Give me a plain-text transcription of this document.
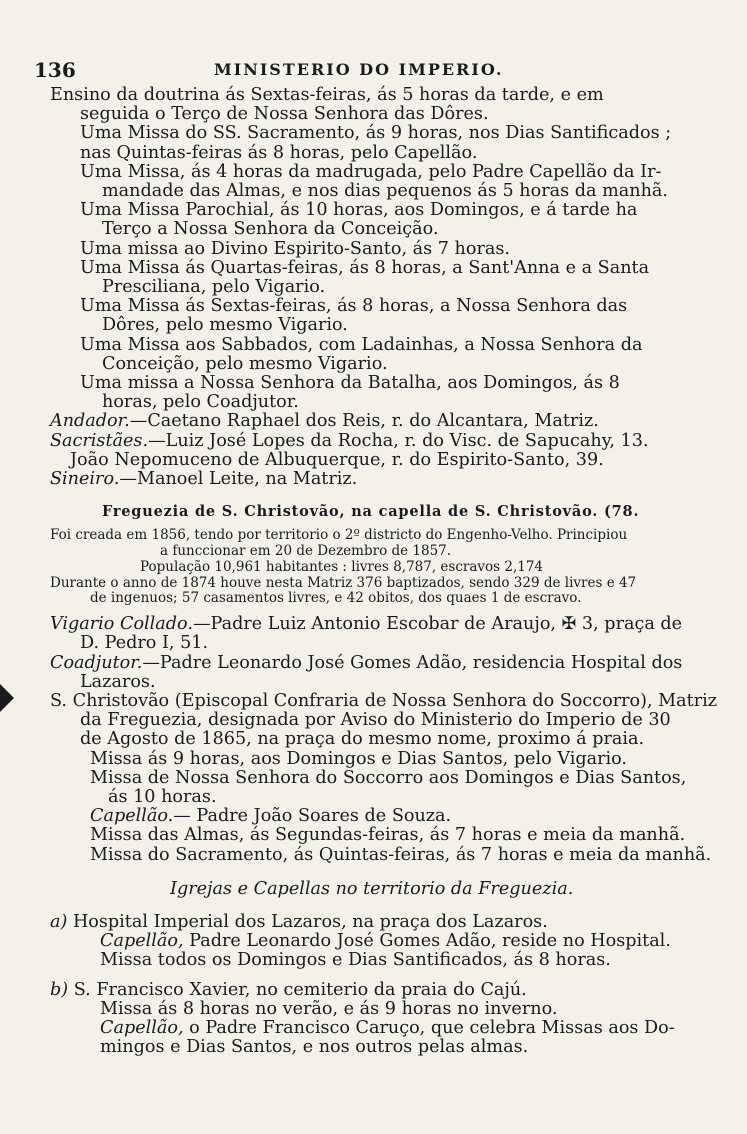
136	MINISTERIO DO IMPERIO.

Ensino da doutrina ás Sextas-feiras, ás 5 horas da tarde, e em

seguida o Terço de Nossa Senhora das Dôres.

Uma Missa do SS. Sacramento, ás 9 horas, nos Dias Santificados ;

nas Quintas-feiras ás 8 horas, pelo Capellão.

Uma Missa, ás 4 horas da madrugada, pelo Padre Capellão da Ir-

mandade das Almas, e nos dias pequenos ás 5 horas da manhã.

Uma Missa Parochial, ás 10 horas, aos Domingos, e á tarde ha

Terço a Nossa Senhora da Conceição.

Uma missa ao Divino Espirito-Santo, ás 7 horas.

Uma Missa ás Quartas-feiras, ás 8 horas, a Sant'Anna e a Santa

Presciliana, pelo Vigario.

Uma Missa ás Sextas-feiras, ás 8 horas, a Nossa Senhora das

Dôres, pelo mesmo Vigario.

Uma Missa aos Sabbados, com Ladainhas, a Nossa Senhora da

Conceição, pelo mesmo Vigario.

Uma missa a Nossa Senhora da Batalha, aos Domingos, ás 8

horas, pelo Coadjutor.

Andador.—Caetano Raphael dos Reis, r. do Alcantara, Matriz.

Sacristães.—Luiz José Lopes da Rocha, r. do Visc. de Sapucahy, 13.

João Nepomuceno de Albuquerque, r. do Espirito-Santo, 39.

Sineiro.—Manoel Leite, na Matriz.

Freguezia de S. Christovão, na capella de S. Christovão. (78.

Foi creada em 1856, tendo por territorio o 2º districto do Engenho-Velho. Principiou

a funccionar em 20 de Dezembro de 1857.

População 10,961 habitantes : livres 8,787, escravos 2,174

Durante o anno de 1874 houve nesta Matriz 376 baptizados, sendo 329 de livres e 47

de ingenuos; 57 casamentos livres, e 42 obitos, dos quaes 1 de escravo.

Vigario Collado.—Padre Luiz Antonio Escobar de Araujo, ✠ 3, praça de

D. Pedro I, 51.

Coadjutor.—Padre Leonardo José Gomes Adão, residencia Hospital dos

Lazaros.

S. Christovão (Episcopal Confraria de Nossa Senhora do Soccorro), Matriz

da Freguezia, designada por Aviso do Ministerio do Imperio de 30

de Agosto de 1865, na praça do mesmo nome, proximo á praia.

Missa ás 9 horas, aos Domingos e Dias Santos, pelo Vigario.

Missa de Nossa Senhora do Soccorro aos Domingos e Dias Santos,

ás 10 horas.

Capellão.— Padre João Soares de Souza.

Missa das Almas, ás Segundas-feiras, ás 7 horas e meia da manhã.

Missa do Sacramento, ás Quintas-feiras, ás 7 horas e meia da manhã.

Igrejas e Capellas no territorio da Freguezia.

a) Hospital Imperial dos Lazaros, na praça dos Lazaros.

Capellão, Padre Leonardo José Gomes Adão, reside no Hospital.

Missa todos os Domingos e Dias Santificados, ás 8 horas.

b) S. Francisco Xavier, no cemiterio da praia do Cajú.

Missa ás 8 horas no verão, e ás 9 horas no inverno.

Capellão, o Padre Francisco Caruço, que celebra Missas aos Do-

mingos e Dias Santos, e nos outros pelas almas.
